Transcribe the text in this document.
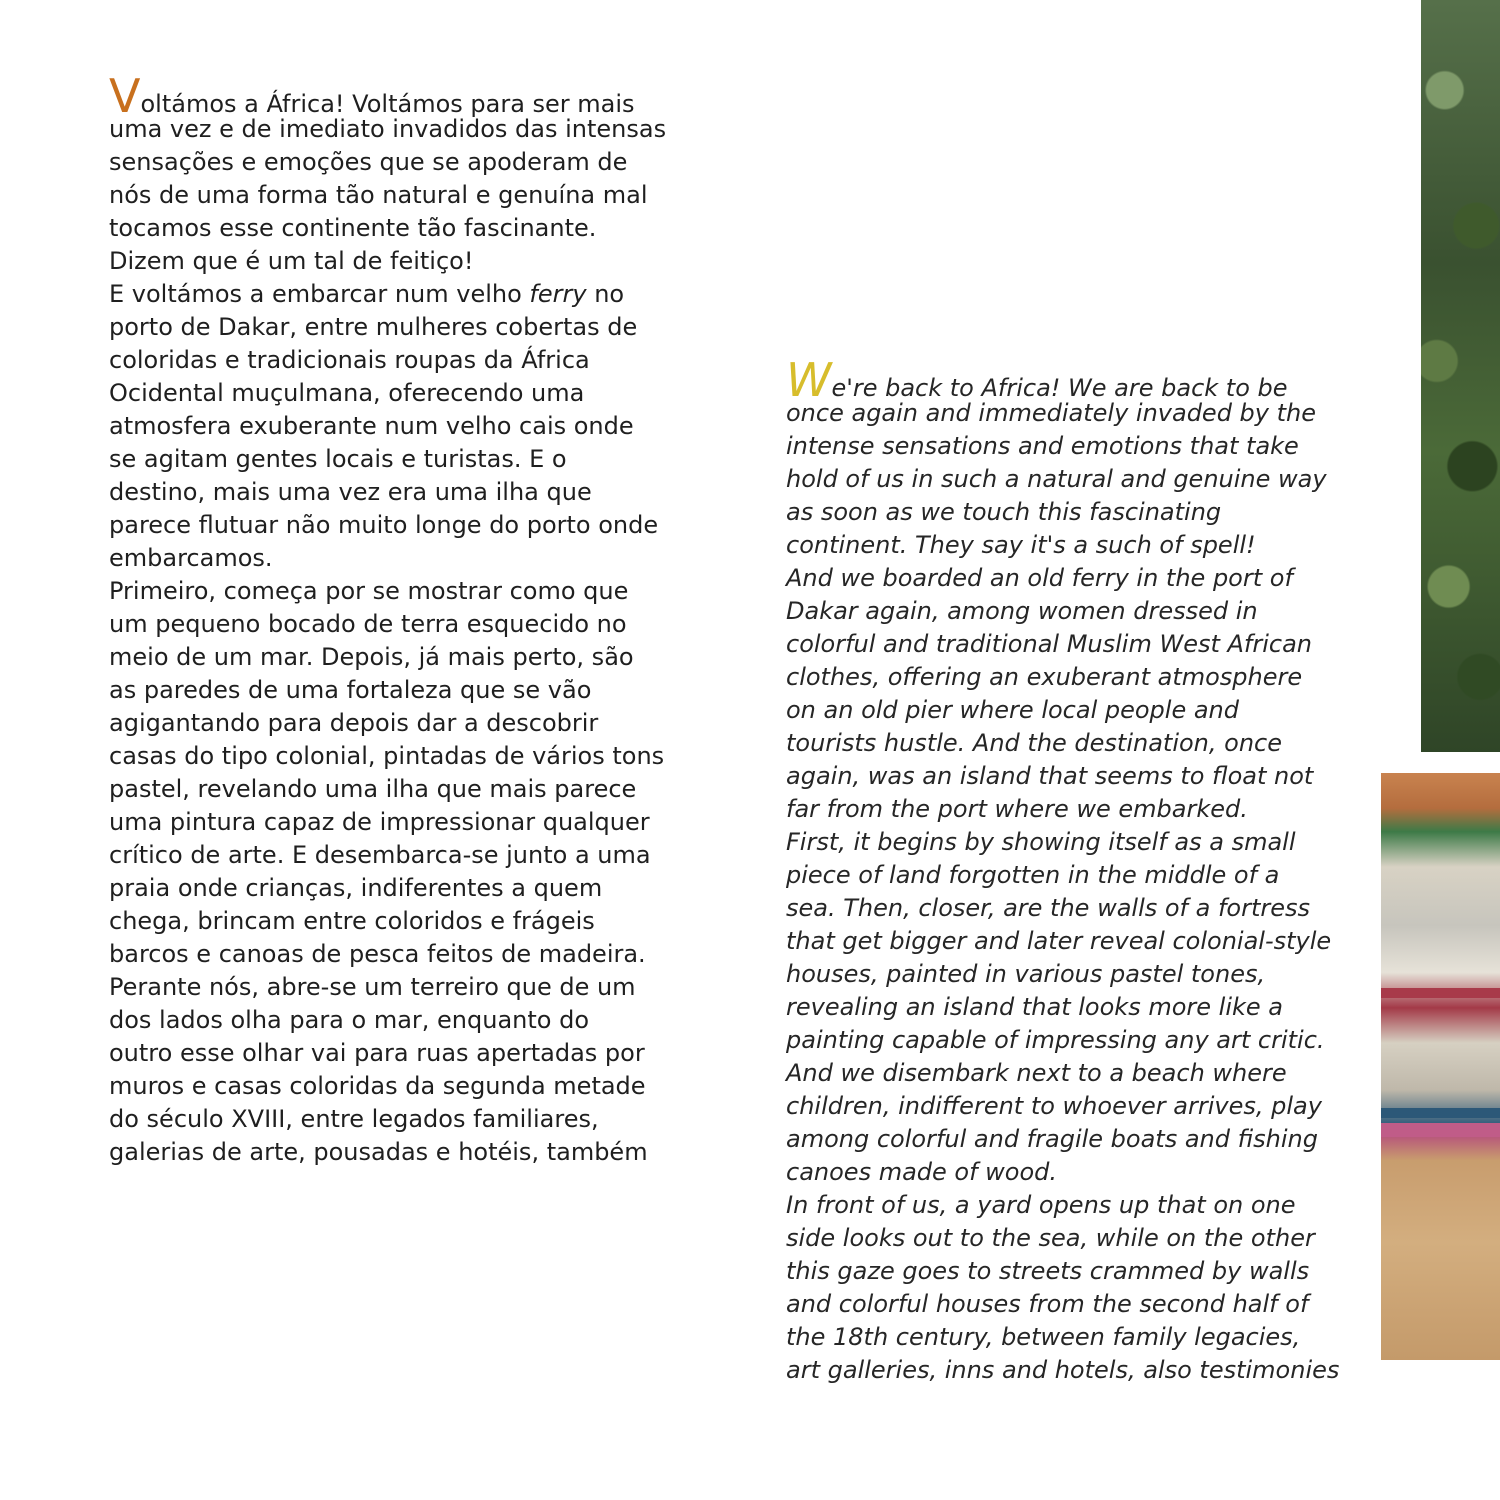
Voltámos a África! Voltámos para ser mais
uma vez e de imediato invadidos das intensas
sensações e emoções que se apoderam de
nós de uma forma tão natural e genuína mal
tocamos esse continente tão fascinante.
Dizem que é um tal de feitiço!
E voltámos a embarcar num velho ferry no
porto de Dakar, entre mulheres cobertas de
coloridas e tradicionais roupas da África
Ocidental muçulmana, oferecendo uma
atmosfera exuberante num velho cais onde
se agitam gentes locais e turistas. E o
destino, mais uma vez era uma ilha que
parece flutuar não muito longe do porto onde
embarcamos.
Primeiro, começa por se mostrar como que
um pequeno bocado de terra esquecido no
meio de um mar. Depois, já mais perto, são
as paredes de uma fortaleza que se vão
agigantando para depois dar a descobrir
casas do tipo colonial, pintadas de vários tons
pastel, revelando uma ilha que mais parece
uma pintura capaz de impressionar qualquer
crítico de arte. E desembarca-se junto a uma
praia onde crianças, indiferentes a quem
chega, brincam entre coloridos e frágeis
barcos e canoas de pesca feitos de madeira.
Perante nós, abre-se um terreiro que de um
dos lados olha para o mar, enquanto do
outro esse olhar vai para ruas apertadas por
muros e casas coloridas da segunda metade
do século XVIII, entre legados familiares,
galerias de arte, pousadas e hotéis, também
We're back to Africa! We are back to be
once again and immediately invaded by the
intense sensations and emotions that take
hold of us in such a natural and genuine way
as soon as we touch this fascinating
continent. They say it's a such of spell!
And we boarded an old ferry in the port of
Dakar again, among women dressed in
colorful and traditional Muslim West African
clothes, offering an exuberant atmosphere
on an old pier where local people and
tourists hustle. And the destination, once
again, was an island that seems to float not
far from the port where we embarked.
First, it begins by showing itself as a small
piece of land forgotten in the middle of a
sea. Then, closer, are the walls of a fortress
that get bigger and later reveal colonial-style
houses, painted in various pastel tones,
revealing an island that looks more like a
painting capable of impressing any art critic.
And we disembark next to a beach where
children, indifferent to whoever arrives, play
among colorful and fragile boats and fishing
canoes made of wood.
In front of us, a yard opens up that on one
side looks out to the sea, while on the other
this gaze goes to streets crammed by walls
and colorful houses from the second half of
the 18th century, between family legacies,
art galleries, inns and hotels, also testimonies
